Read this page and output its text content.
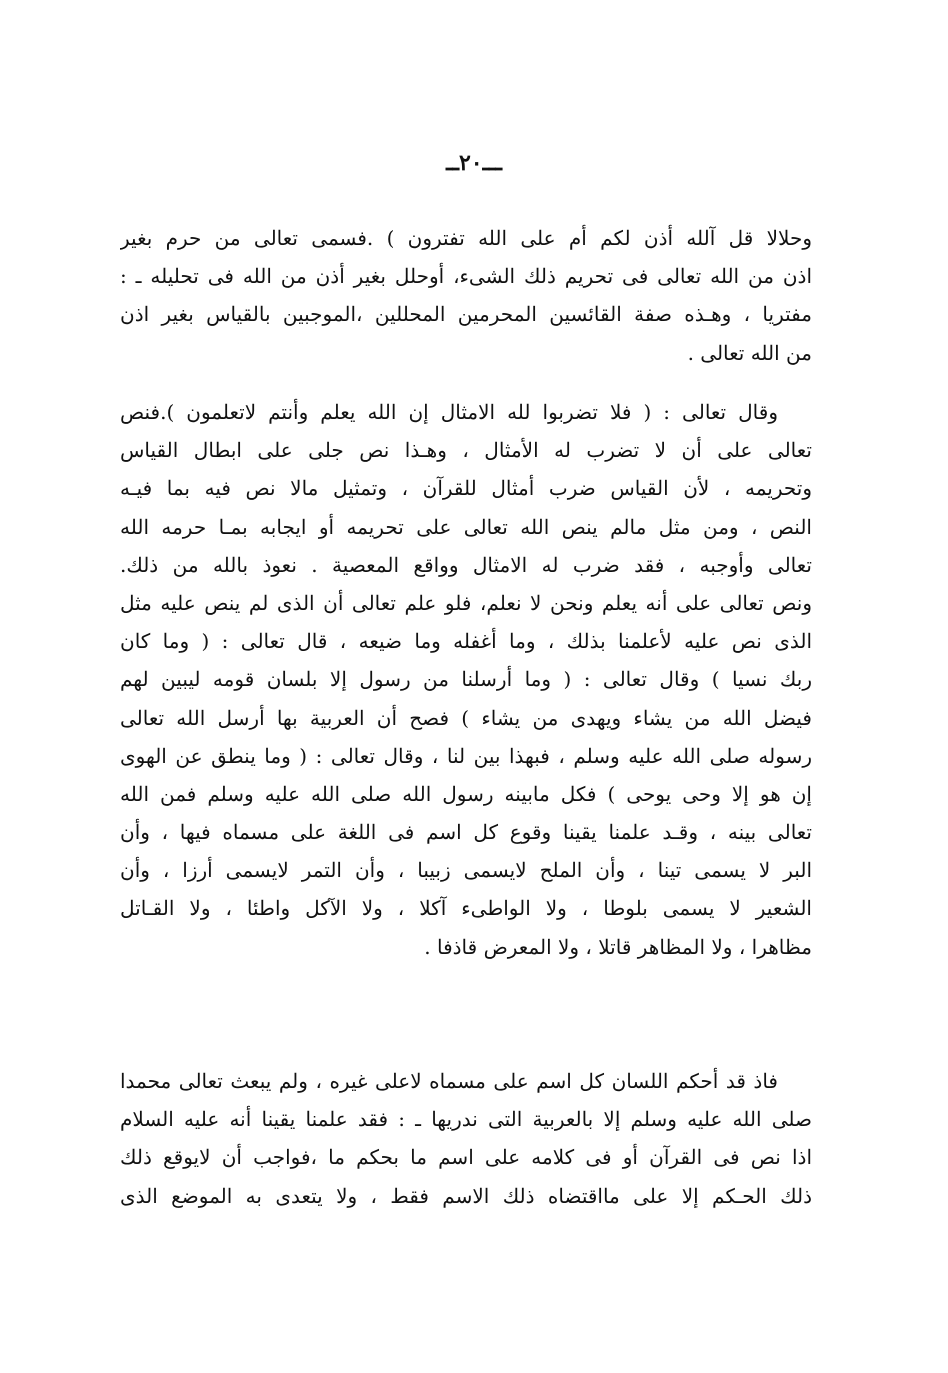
ـــ٢٠ــ
وحلالا قل آلله أذن لكم أم على الله تفترون ) .فسمى تعالى من حرم بغير
اذن من الله تعالى فى تحريم ذلك الشىء، أوحلل بغير أذن من الله فى تحليله ـ :
مفتريا ، وهـذه صفة القائسين المحرمين المحللين ،الموجبين بالقياس بغير اذن
من الله تعالى .
وقال تعالى : ( فلا تضربوا لله الامثال إن الله يعلم وأنتم لاتعلمون ).فنص
تعالى على أن لا تضرب له الأمثال ، وهـذا نص جلى على ابطال القياس
وتحريمه ، لأن القياس ضرب أمثال للقرآن ، وتمثيل مالا نص فيه بما فيـه
النص ، ومن مثل مالم ينص الله تعالى على تحريمه أو ايجابه بمـا حرمه الله
تعالى وأوجبه ، فقد ضرب له الامثال وواقع المعصية . نعوذ بالله من ذلك.
ونص تعالى على أنه يعلم ونحن لا نعلم، فلو علم تعالى أن الذى لم ينص عليه مثل
الذى نص عليه لأعلمنا بذلك ، وما أغفله وما ضيعه ، قال تعالى : ( وما كان
ربك نسيا ) وقال تعالى : ( وما أرسلنا من رسول إلا بلسان قومه ليبين لهم
فيضل الله من يشاء ويهدى من يشاء ) فصح أن العربية بها أرسل الله تعالى
رسوله صلى الله عليه وسلم ، فبهذا بين لنا ، وقال تعالى : ( وما ينطق عن الهوى
إن هو إلا وحى يوحى ) فكل مابينه رسول الله صلى الله عليه وسلم فمن الله
تعالى بينه ، وقـد علمنا يقينا وقوع كل اسم فى اللغة على مسماه فيها ، وأن
البر لا يسمى تينا ، وأن الملح لايسمى زبيبا ، وأن التمر لايسمى أرزا ، وأن
الشعير لا يسمى بلوطا ، ولا الواطىء آكلا ، ولا الآكل واطئا ، ولا القـاتل
مظاهرا ، ولا المظاهر قاتلا ، ولا المعرض قاذفا .
فاذ قد أحكم اللسان كل اسم على مسماه لاعلى غيره ، ولم يبعث تعالى محمدا
صلى الله عليه وسلم إلا بالعربية التى ندريها ـ : فقد علمنا يقينا أنه عليه السلام
اذا نص فى القرآن أو فى كلامه على اسم ما بحكم ما ،فواجب أن لايوقع ذلك
ذلك الحـكم إلا على مااقتضاه ذلك الاسم فقط ، ولا يتعدى به الموضع الذى
